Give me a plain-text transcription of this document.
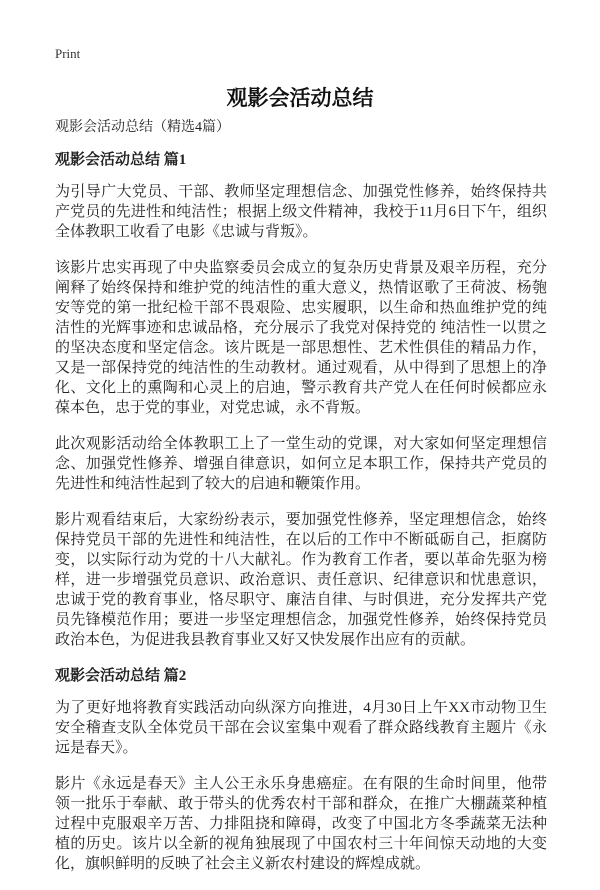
Print
观影会活动总结
观影会活动总结（精选4篇）
观影会活动总结 篇1

为引导广大党员、干部、教师坚定理想信念、加强党性修养，始终保持共产党员的先进性和纯洁性；根据上级文件精神，我校于11月6日下午，组织全体教职工收看了电影《忠诚与背叛》。

该影片忠实再现了中央监察委员会成立的复杂历史背景及艰辛历程，充分阐释了始终保持和维护党的纯洁性的重大意义，热情讴歌了王荷波、杨匏安等党的第一批纪检干部不畏艰险、忠实履职，以生命和热血维护党的纯洁性的光辉事迹和忠诚品格，充分展示了我党对保持党的 纯洁性一以贯之的坚决态度和坚定信念。该片既是一部思想性、艺术性俱佳的精品力作，又是一部保持党的纯洁性的生动教材。通过观看，从中得到了思想上的净化、文化上的熏陶和心灵上的启迪，警示教育共产党人在任何时候都应永葆本色，忠于党的事业，对党忠诚，永不背叛。

此次观影活动给全体教职工上了一堂生动的党课，对大家如何坚定理想信念、加强党性修养、增强自律意识，如何立足本职工作，保持共产党员的先进性和纯洁性起到了较大的启迪和鞭策作用。

影片观看结束后，大家纷纷表示，要加强党性修养，坚定理想信念，始终保持党员干部的先进性和纯洁性，在以后的工作中不断砥砺自己，拒腐防变，以实际行动为党的十八大献礼。作为教育工作者，要以革命先驱为榜样，进一步增强党员意识、政治意识、责任意识、纪律意识和忧患意识，忠诚于党的教育事业，恪尽职守、廉洁自律、与时俱进，充分发挥共产党员先锋模范作用；要进一步坚定理想信念，加强党性修养，始终保持党员政治本色，为促进我县教育事业又好又快发展作出应有的贡献。

观影会活动总结 篇2

为了更好地将教育实践活动向纵深方向推进，4月30日上午XX市动物卫生安全稽查支队全体党员干部在会议室集中观看了群众路线教育主题片《永远是春天》。

影片《永远是春天》主人公王永乐身患癌症。在有限的生命时间里，他带领一批乐于奉献、敢于带头的优秀农村干部和群众，在推广大棚蔬菜种植过程中克服艰辛万苦、力排阻挠和障碍，改变了中国北方冬季蔬菜无法种植的历史。该片以全新的视角独展现了中国农村三十年间惊天动地的大变化，旗帜鲜明的反映了社会主义新农村建设的辉煌成就。
